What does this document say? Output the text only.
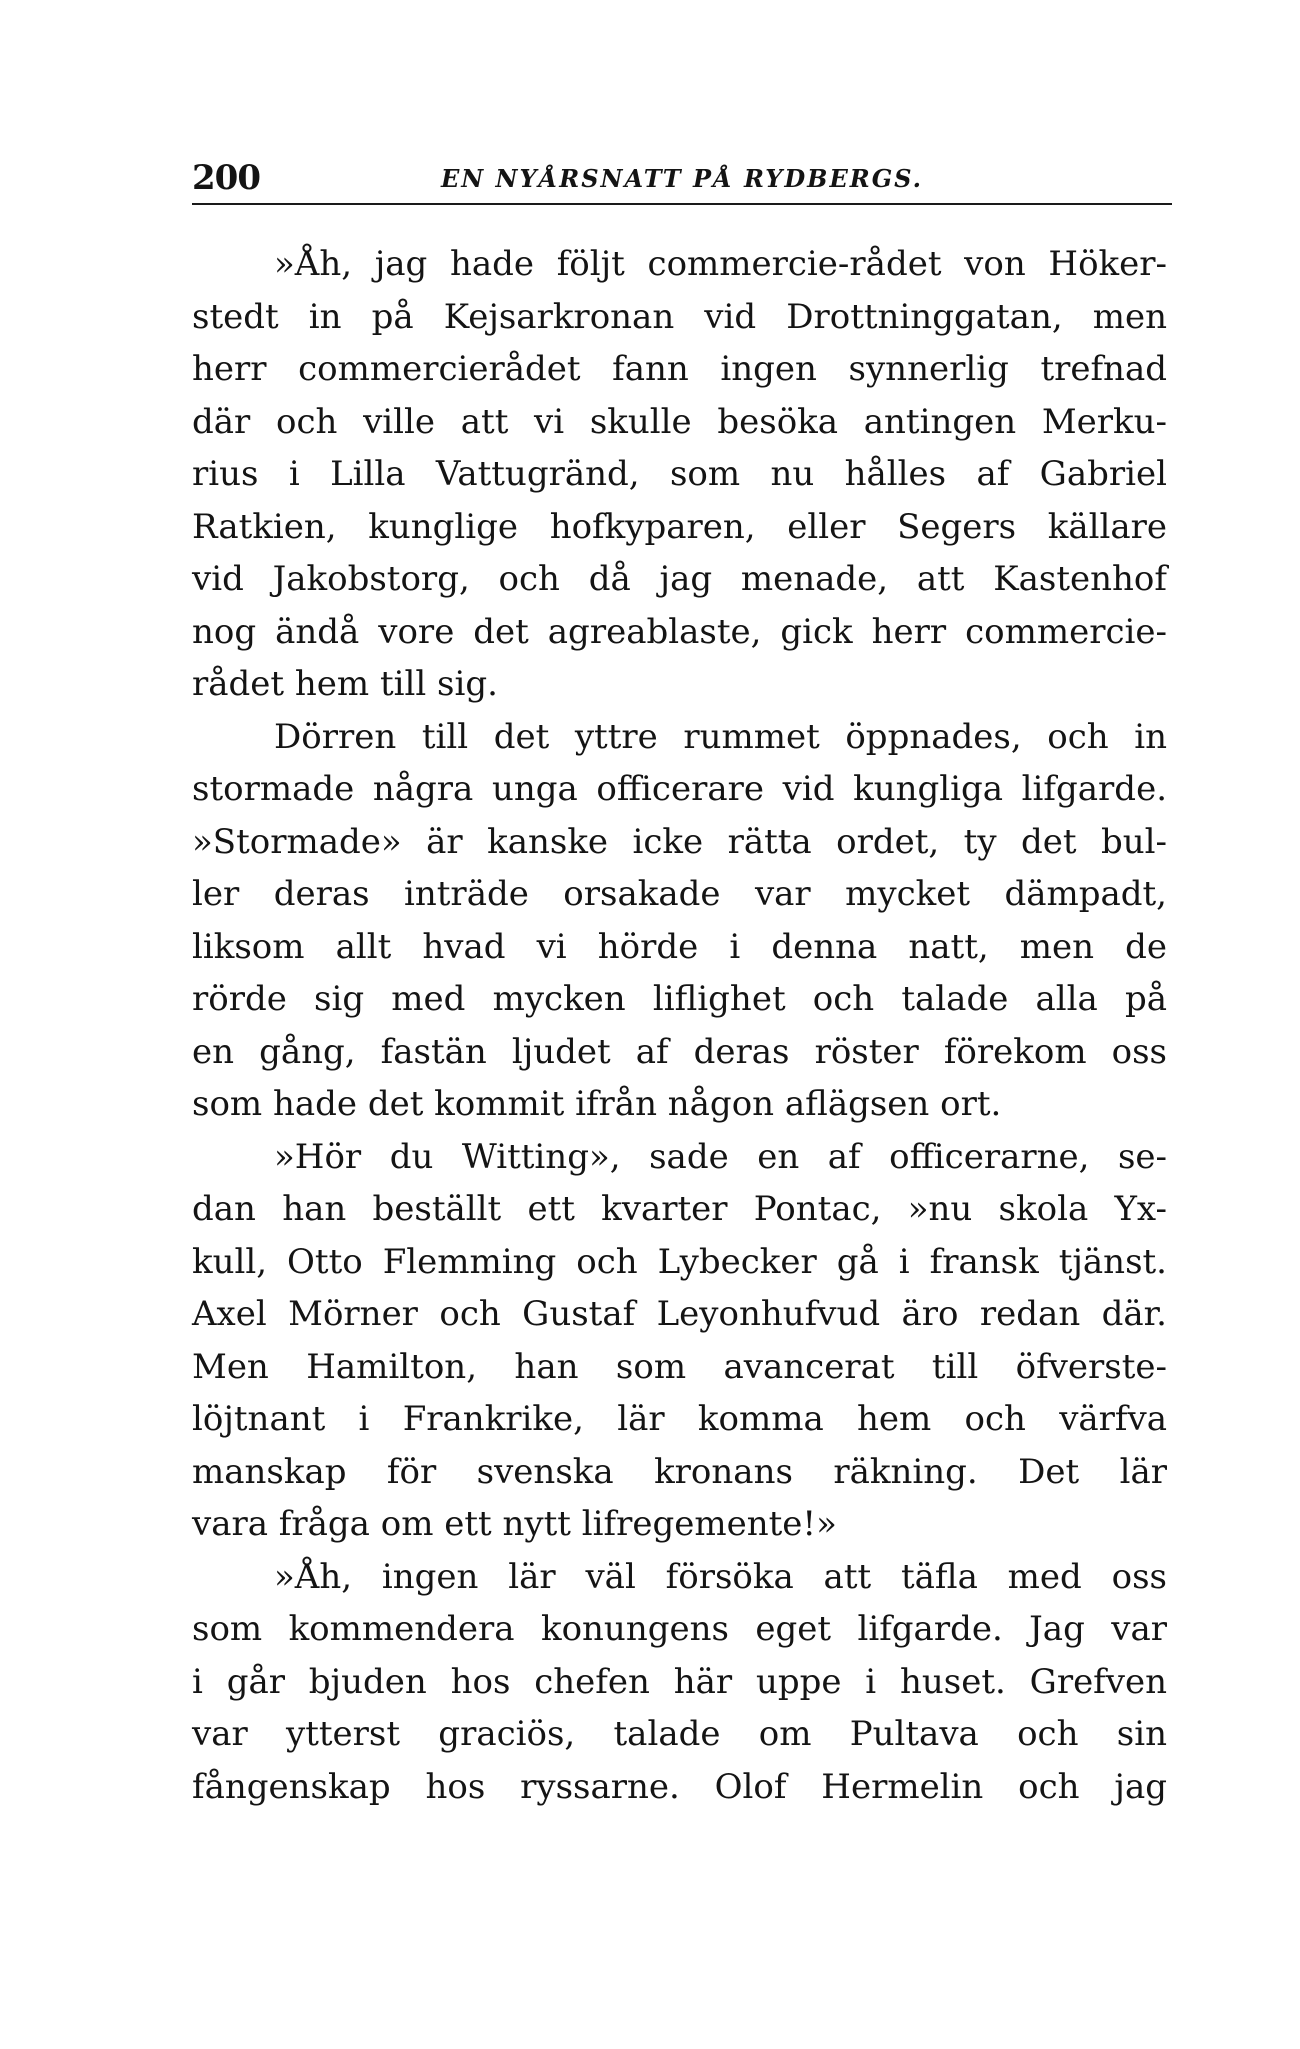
200	EN NYÅRSNATT PÅ RYDBERGS.
»Åh, jag hade följt commercie-rådet von Höker-
stedt in på Kejsarkronan vid Drottninggatan, men
herr commercierådet fann ingen synnerlig trefnad
där och ville att vi skulle besöka antingen Merku-
rius i Lilla Vattugränd, som nu hålles af Gabriel
Ratkien, kunglige hofkyparen, eller Segers källare
vid Jakobstorg, och då jag menade, att Kastenhof
nog ändå vore det agreablaste, gick herr commercie-
rådet hem till sig.
Dörren till det yttre rummet öppnades, och in
stormade några unga officerare vid kungliga lifgarde.
»Stormade» är kanske icke rätta ordet, ty det bul-
ler deras inträde orsakade var mycket dämpadt,
liksom allt hvad vi hörde i denna natt, men de
rörde sig med mycken liflighet och talade alla på
en gång, fastän ljudet af deras röster förekom oss
som hade det kommit ifrån någon aflägsen ort.
»Hör du Witting», sade en af officerarne, se-
dan han beställt ett kvarter Pontac, »nu skola Yx-
kull, Otto Flemming och Lybecker gå i fransk tjänst.
Axel Mörner och Gustaf Leyonhufvud äro redan där.
Men Hamilton, han som avancerat till öfverste-
löjtnant i Frankrike, lär komma hem och värfva
manskap för svenska kronans räkning. Det lär
vara fråga om ett nytt lifregemente!»
»Åh, ingen lär väl försöka att täfla med oss
som kommendera konungens eget lifgarde. Jag var
i går bjuden hos chefen här uppe i huset. Grefven
var ytterst graciös, talade om Pultava och sin
fångenskap hos ryssarne. Olof Hermelin och jag
